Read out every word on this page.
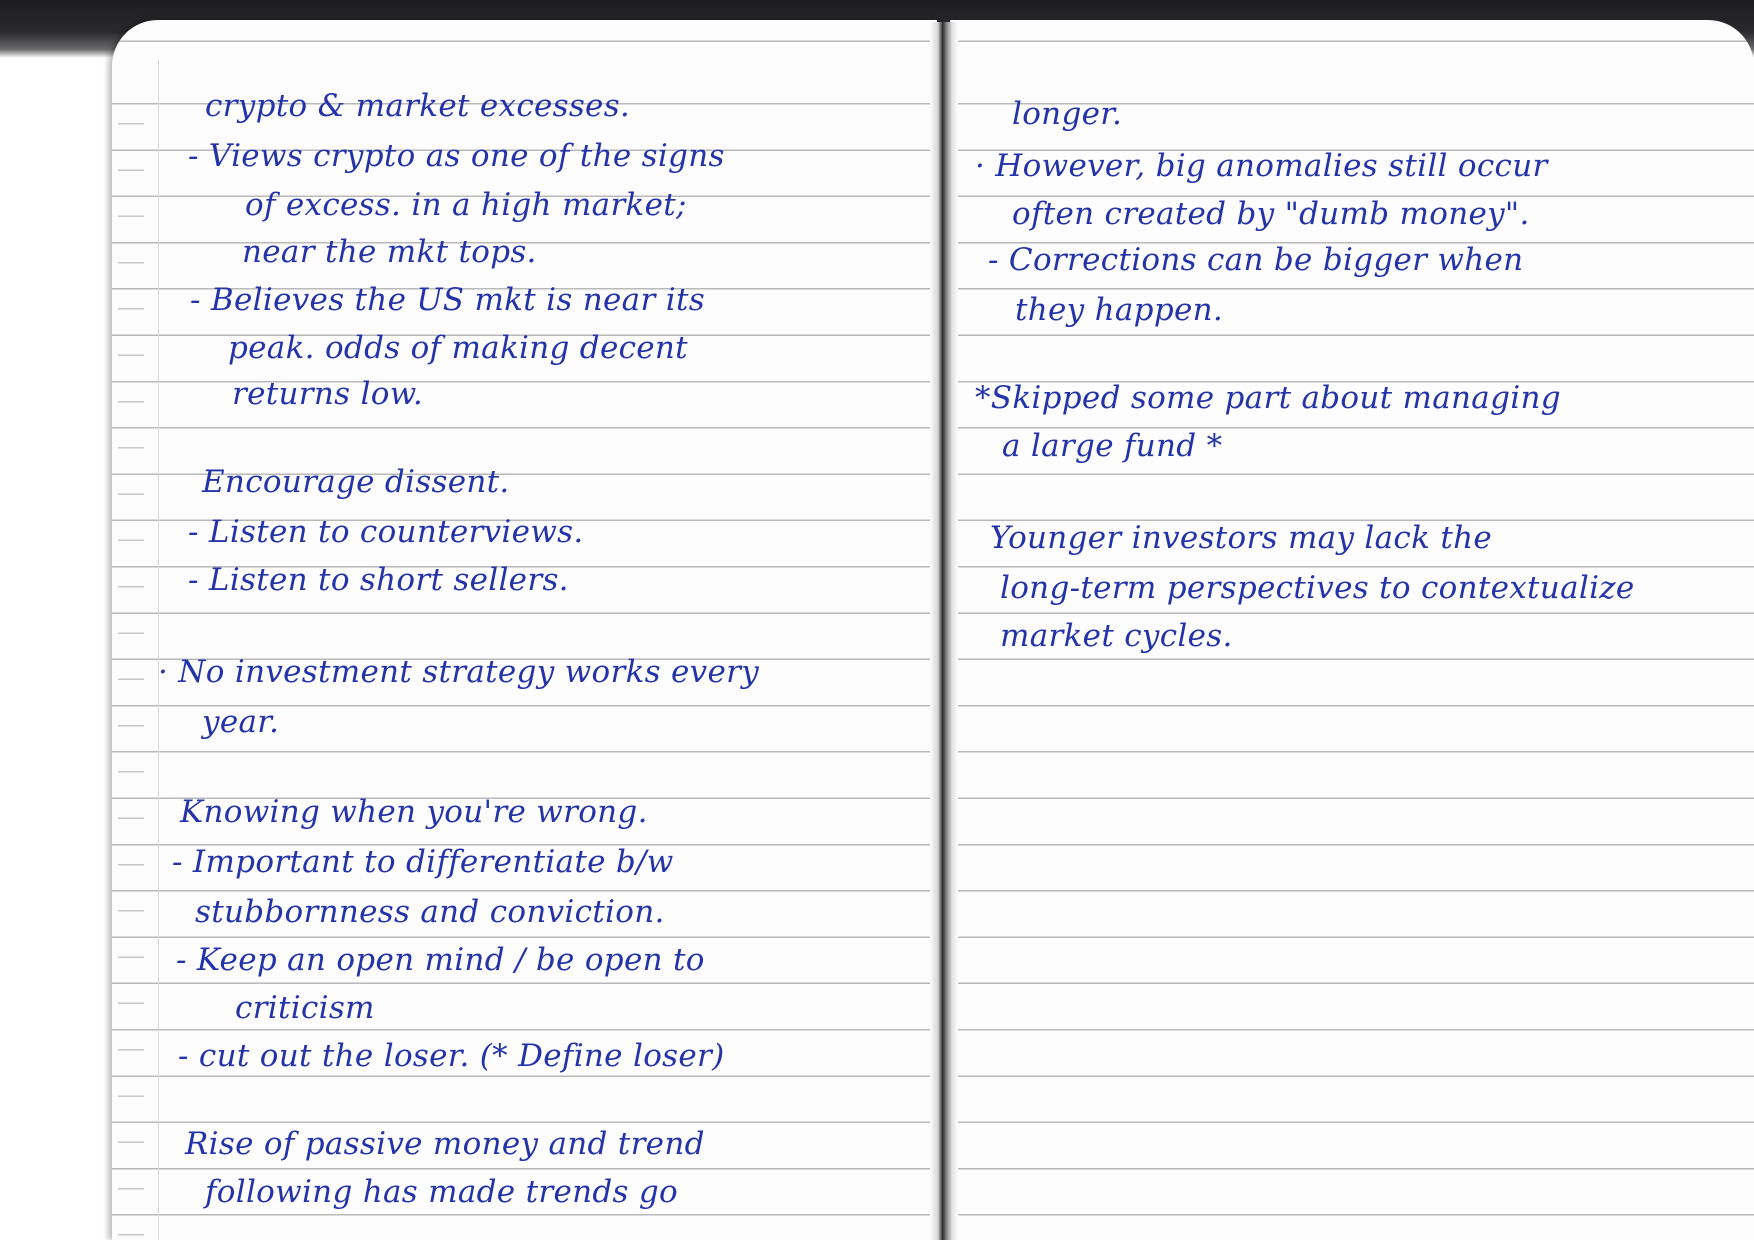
crypto & market excesses.

- Views crypto as one of the signs

of excess. in a high market;

near the mkt tops.

- Believes the US mkt is near its

peak. odds of making decent

returns low.

Encourage dissent.

- Listen to counterviews.

- Listen to short sellers.

· No investment strategy works every

year.

Knowing when you're wrong.

- Important to differentiate b/w

stubbornness and conviction.

- Keep an open mind / be open to

criticism

- cut out the loser. (* Define loser)

Rise of passive money and trend

following has made trends go

longer.

· However, big anomalies still occur

often created by "dumb money".

- Corrections can be bigger when

they happen.

*Skipped some part about managing

a large fund *

Younger investors may lack the

long-term perspectives to contextualize

market cycles.
